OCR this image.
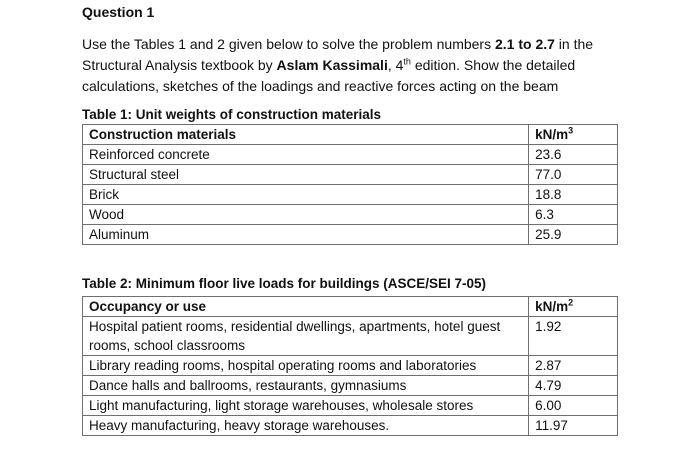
Question 1
Use the Tables 1 and 2 given below to solve the problem numbers 2.1 to 2.7 in the Structural Analysis textbook by Aslam Kassimali, 4th edition. Show the detailed calculations, sketches of the loadings and reactive forces acting on the beam
Table 1: Unit weights of construction materials
Construction materials	$kN/m^3$
Reinforced concrete	23.6
Structural steel	77.0
Brick	18.8
Wood	6.3
Aluminum	25.9
Table 2: Minimum floor live loads for buildings (ASCE/SEI 7-05)
Occupancy or use	$kN/m^2$
Hospital patient rooms, residential dwellings, apartments, hotel guest rooms, school classrooms	1.92
Library reading rooms, hospital operating rooms and laboratories	2.87
Dance halls and ballrooms, restaurants, gymnasiums	4.79
Light manufacturing, light storage warehouses, wholesale stores	6.00
Heavy manufacturing, heavy storage warehouses.	11.97
